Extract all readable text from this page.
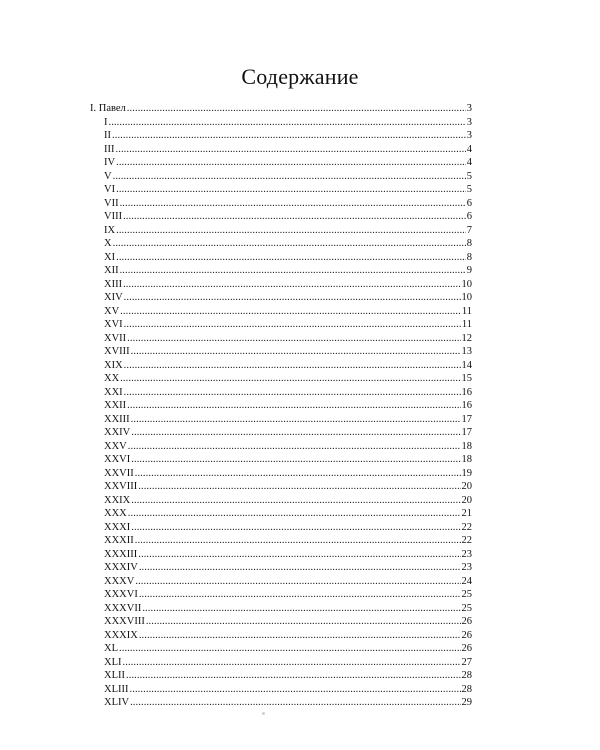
Содержание
I. Павел .....	3
I .....	3
II .....	3
III .....	4
IV .....	4
V .....	5
VI .....	5
VII .....	6
VIII .....	6
IX .....	7
X .....	8
XI .....	8
XII .....	9
XIII .....	10
XIV .....	10
XV .....	11
XVI .....	11
XVII .....	12
XVIII .....	13
XIX .....	14
XX .....	15
XXI .....	16
XXII .....	16
XXIII .....	17
XXIV .....	17
XXV .....	18
XXVI .....	18
XXVII .....	19
XXVIII .....	20
XXIX .....	20
XXX .....	21
XXXI .....	22
XXXII .....	22
XXXIII .....	23
XXXIV .....	23
XXXV .....	24
XXXVI .....	25
XXXVII .....	25
XXXVIII .....	26
XXXIX .....	26
XL .....	26
XLI .....	27
XLII .....	28
XLIII .....	28
XLIV .....	29
